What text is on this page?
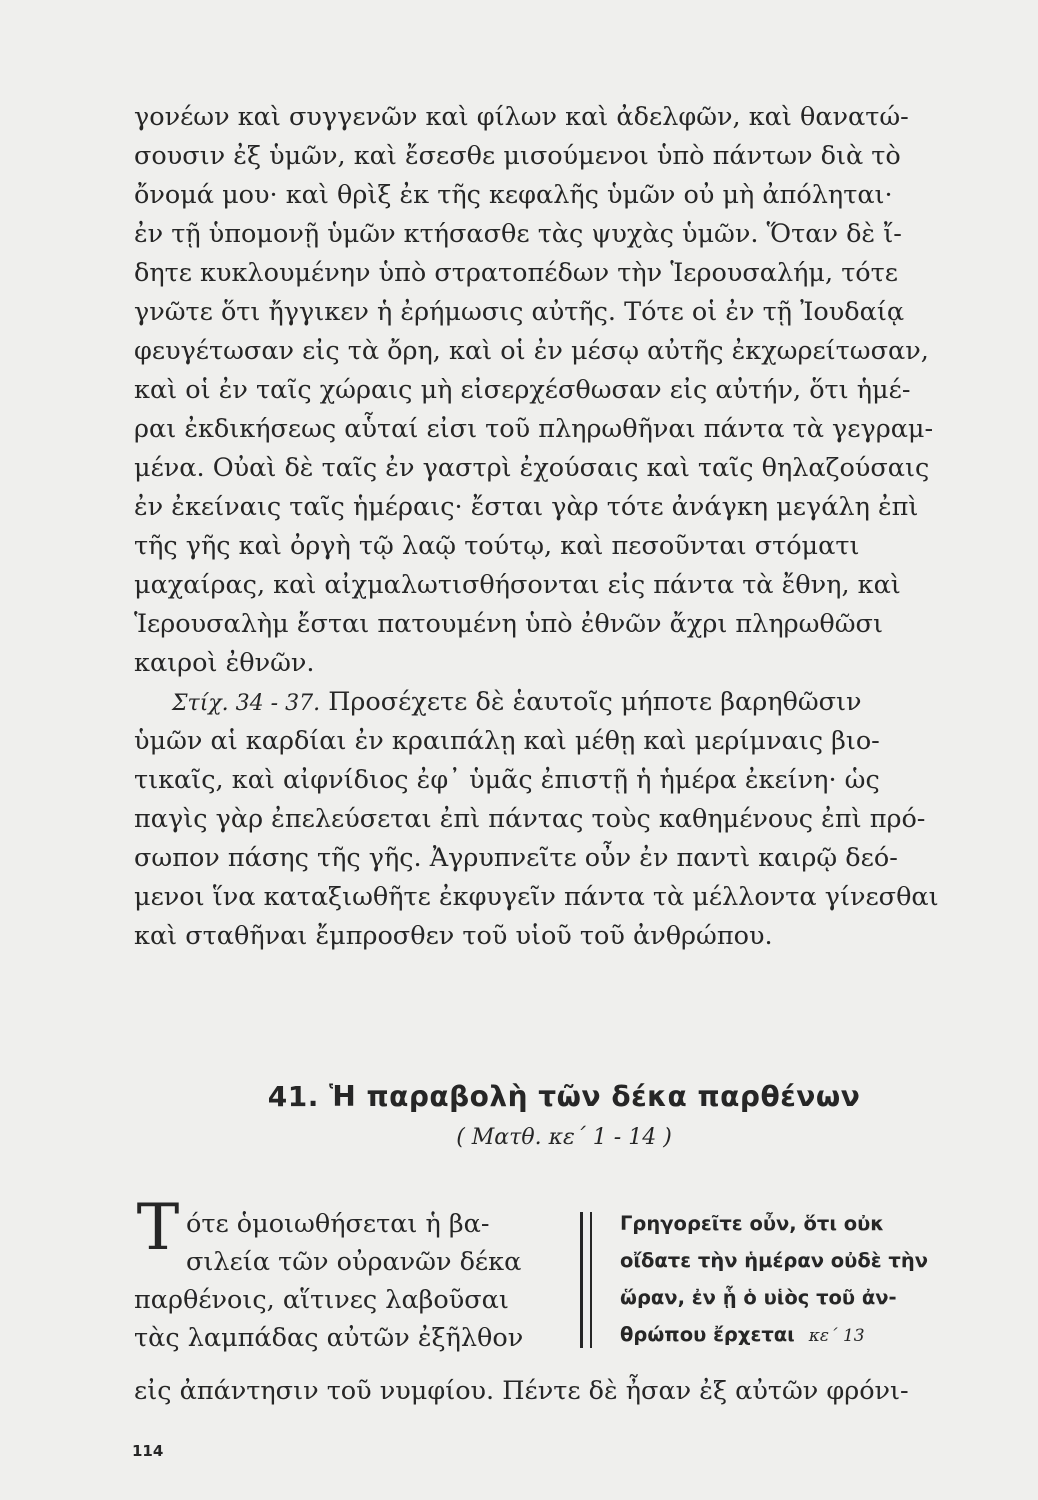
γονέων καὶ συγγενῶν καὶ φίλων καὶ ἀδελφῶν, καὶ θανατώ-
σουσιν ἐξ ὑμῶν, καὶ ἔσεσθε μισούμενοι ὑπὸ πάντων διὰ τὸ
ὄνομά μου· καὶ θρὶξ ἐκ τῆς κεφαλῆς ὑμῶν οὐ μὴ ἀπόληται·
ἐν τῇ ὑπομονῇ ὑμῶν κτήσασθε τὰς ψυχὰς ὑμῶν. Ὅταν δὲ ἴ-
δητε κυκλουμένην ὑπὸ στρατοπέδων τὴν Ἱερουσαλήμ, τότε
γνῶτε ὅτι ἤγγικεν ἡ ἐρήμωσις αὐτῆς. Τότε οἱ ἐν τῇ Ἰουδαίᾳ
φευγέτωσαν εἰς τὰ ὄρη, καὶ οἱ ἐν μέσῳ αὐτῆς ἐκχωρείτωσαν,
καὶ οἱ ἐν ταῖς χώραις μὴ εἰσερχέσθωσαν εἰς αὐτήν, ὅτι ἡμέ-
ραι ἐκδικήσεως αὗταί εἰσι τοῦ πληρωθῆναι πάντα τὰ γεγραμ-
μένα. Οὐαὶ δὲ ταῖς ἐν γαστρὶ ἐχούσαις καὶ ταῖς θηλαζούσαις
ἐν ἐκείναις ταῖς ἡμέραις· ἔσται γὰρ τότε ἀνάγκη μεγάλη ἐπὶ
τῆς γῆς καὶ ὀργὴ τῷ λαῷ τούτῳ, καὶ πεσοῦνται στόματι
μαχαίρας, καὶ αἰχμαλωτισθήσονται εἰς πάντα τὰ ἔθνη, καὶ
Ἱερουσαλὴμ ἔσται πατουμένη ὑπὸ ἐθνῶν ἄχρι πληρωθῶσι
καιροὶ ἐθνῶν.
Στίχ. 34 - 37. Προσέχετε δὲ ἑαυτοῖς μήποτε βαρηθῶσιν
ὑμῶν αἱ καρδίαι ἐν κραιπάλῃ καὶ μέθῃ καὶ μερίμναις βιο-
τικαῖς, καὶ αἰφνίδιος ἐφ᾽ ὑμᾶς ἐπιστῇ ἡ ἡμέρα ἐκείνη· ὡς
παγὶς γὰρ ἐπελεύσεται ἐπὶ πάντας τοὺς καθημένους ἐπὶ πρό-
σωπον πάσης τῆς γῆς. Ἀγρυπνεῖτε οὖν ἐν παντὶ καιρῷ δεό-
μενοι ἵνα καταξιωθῆτε ἐκφυγεῖν πάντα τὰ μέλλοντα γίνεσθαι
καὶ σταθῆναι ἔμπροσθεν τοῦ υἱοῦ τοῦ ἀνθρώπου.
41. Ἡ παραβολὴ τῶν δέκα παρθένων
( Ματθ. κε΄ 1 - 14 )
Τ ότε ὁμοιωθήσεται ἡ βα-
σιλεία τῶν οὐρανῶν δέκα
παρθένοις, αἵτινες λαβοῦσαι
τὰς λαμπάδας αὐτῶν ἐξῆλθον
Γρηγορεῖτε οὖν, ὅτι οὐκ
οἴδατε τὴν ἡμέραν οὐδὲ τὴν
ὥραν, ἐν ᾗ ὁ υἱὸς τοῦ ἀν-
θρώπου ἔρχεται κε΄ 13
εἰς ἀπάντησιν τοῦ νυμφίου. Πέντε δὲ ἦσαν ἐξ αὐτῶν φρόνι-
114
